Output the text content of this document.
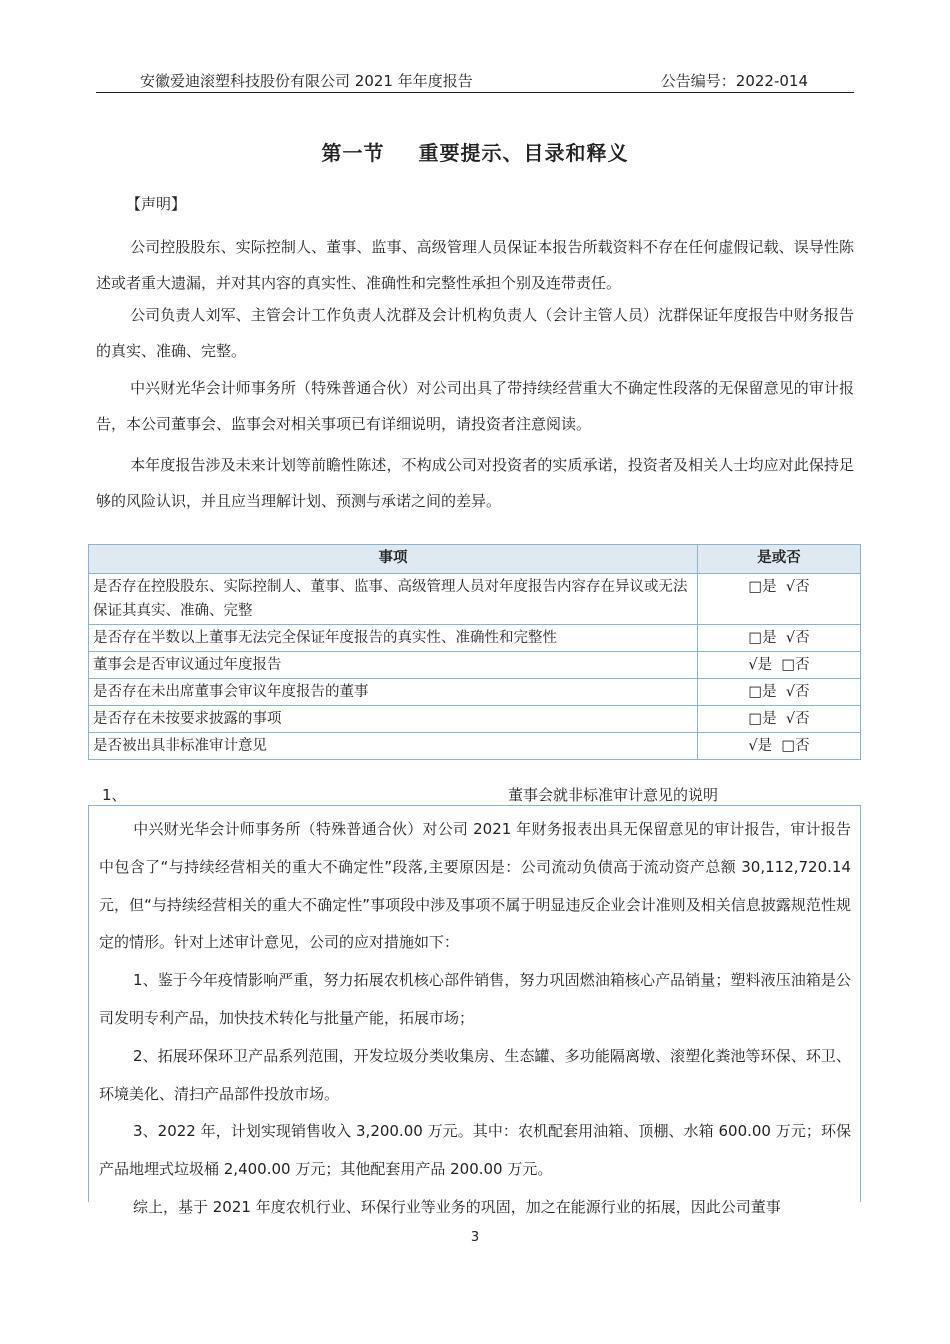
安徽爱迪滚塑科技股份有限公司 2021 年年度报告	公告编号：2022-014
第一节 重要提示、目录和释义
【声明】
公司控股股东、实际控制人、董事、监事、高级管理人员保证本报告所载资料不存在任何虚假记载、误导性陈述或者重大遗漏，并对其内容的真实性、准确性和完整性承担个别及连带责任。
公司负责人刘军、主管会计工作负责人沈群及会计机构负责人（会计主管人员）沈群保证年度报告中财务报告的真实、准确、完整。
中兴财光华会计师事务所（特殊普通合伙）对公司出具了带持续经营重大不确定性段落的无保留意见的审计报告，本公司董事会、监事会对相关事项已有详细说明，请投资者注意阅读。
本年度报告涉及未来计划等前瞻性陈述，不构成公司对投资者的实质承诺，投资者及相关人士均应对此保持足够的风险认识，并且应当理解计划、预测与承诺之间的差异。
事项	是或否
是否存在控股股东、实际控制人、董事、监事、高级管理人员对年度报告内容存在异议或无法保证其真实、准确、完整	□是 √否
是否存在半数以上董事无法完全保证年度报告的真实性、准确性和完整性	□是 √否
董事会是否审议通过年度报告	√是 □否
是否存在未出席董事会审议年度报告的董事	□是 √否
是否存在未按要求披露的事项	□是 √否
是否被出具非标准审计意见	√是 □否
1、	董事会就非标准审计意见的说明

中兴财光华会计师事务所（特殊普通合伙）对公司 2021 年财务报表出具无保留意见的审计报告，审计报告中包含了“与持续经营相关的重大不确定性”段落,主要原因是：公司流动负债高于流动资产总额 30,112,720.14 元，但“与持续经营相关的重大不确定性”事项段中涉及事项不属于明显违反企业会计准则及相关信息披露规范性规定的情形。针对上述审计意见，公司的应对措施如下：

1、鉴于今年疫情影响严重，努力拓展农机核心部件销售，努力巩固燃油箱核心产品销量；塑料液压油箱是公司发明专利产品，加快技术转化与批量产能，拓展市场；

2、拓展环保环卫产品系列范围，开发垃圾分类收集房、生态罐、多功能隔离墩、滚塑化粪池等环保、环卫、环境美化、清扫产品部件投放市场。

3、2022 年，计划实现销售收入 3,200.00 万元。其中：农机配套用油箱、顶棚、水箱 600.00 万元；环保产品地埋式垃圾桶 2,400.00 万元；其他配套用产品 200.00 万元。

综上，基于 2021 年度农机行业、环保行业等业务的巩固，加之在能源行业的拓展，因此公司董事

3
